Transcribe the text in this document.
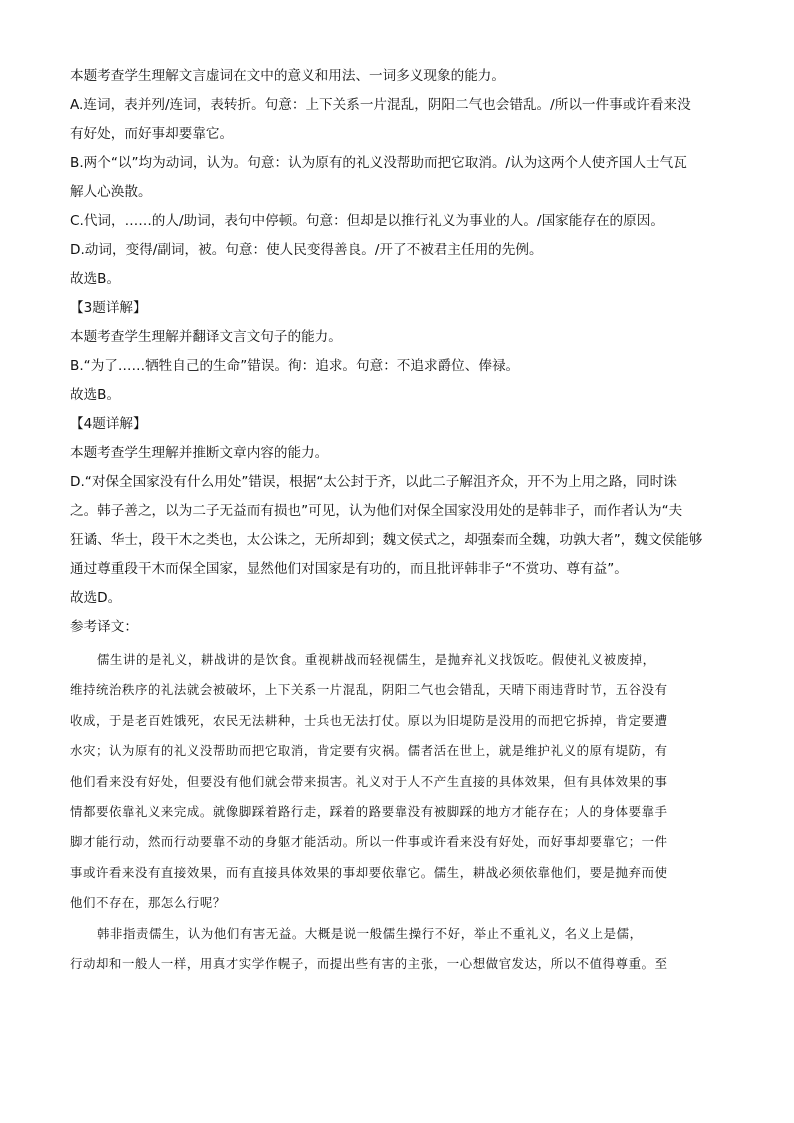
本题考查学生理解文言虚词在文中的意义和用法、一词多义现象的能力。
A.连词，表并列/连词，表转折。句意：上下关系一片混乱，阴阳二气也会错乱。/所以一件事或许看来没
有好处，而好事却要靠它。
B.两个“以”均为动词，认为。句意：认为原有的礼义没帮助而把它取消。/认为这两个人使齐国人士气瓦
解人心涣散。
C.代词，……的人/助词，表句中停顿。句意：但却是以推行礼义为事业的人。/国家能存在的原因。
D.动词，变得/副词，被。句意：使人民变得善良。/开了不被君主任用的先例。
故选B。
【3题详解】
本题考查学生理解并翻译文言文句子的能力。
B.“为了……牺牲自己的生命”错误。徇：追求。句意：不追求爵位、俸禄。
故选B。
【4题详解】
本题考查学生理解并推断文章内容的能力。
D.“对保全国家没有什么用处”错误，根据“太公封于齐，以此二子解沮齐众，开不为上用之路，同时诛
之。韩子善之，以为二子无益而有损也”可见，认为他们对保全国家没用处的是韩非子，而作者认为“夫
狂谲、华士，段干木之类也，太公诛之，无所却到；魏文侯式之，却强秦而全魏，功孰大者”，魏文侯能够
通过尊重段干木而保全国家，显然他们对国家是有功的，而且批评韩非子“不赏功、尊有益”。
故选D。
参考译文：
儒生讲的是礼义，耕战讲的是饮食。重视耕战而轻视儒生，是抛弃礼义找饭吃。假使礼义被废掉，
维持统治秩序的礼法就会被破坏，上下关系一片混乱，阴阳二气也会错乱，天晴下雨违背时节，五谷没有
收成，于是老百姓饿死，农民无法耕种，士兵也无法打仗。原以为旧堤防是没用的而把它拆掉，肯定要遭
水灾；认为原有的礼义没帮助而把它取消，肯定要有灾祸。儒者活在世上，就是维护礼义的原有堤防，有
他们看来没有好处，但要没有他们就会带来损害。礼义对于人不产生直接的具体效果，但有具体效果的事
情都要依靠礼义来完成。就像脚踩着路行走，踩着的路要靠没有被脚踩的地方才能存在；人的身体要靠手
脚才能行动，然而行动要靠不动的身躯才能活动。所以一件事或许看来没有好处，而好事却要靠它；一件
事或许看来没有直接效果，而有直接具体效果的事却要依靠它。儒生，耕战必须依靠他们，要是抛弃而使
他们不存在，那怎么行呢？
韩非指责儒生，认为他们有害无益。大概是说一般儒生操行不好，举止不重礼义，名义上是儒，
行动却和一般人一样，用真才实学作幌子，而提出些有害的主张，一心想做官发达，所以不值得尊重。至
